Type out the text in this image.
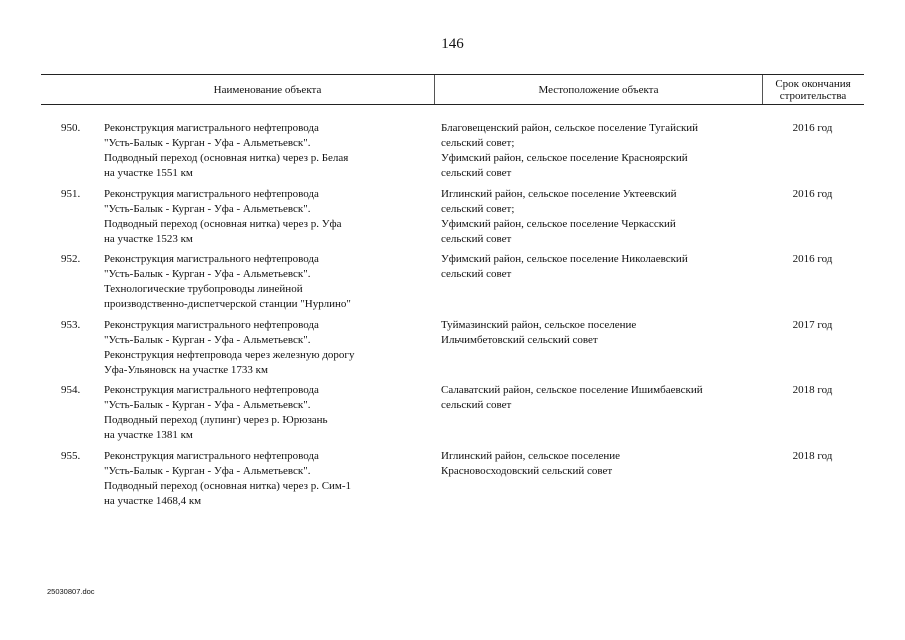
146
Наименование объекта	Местоположение объекта	Срок окончания
строительства
950. Реконструкция магистрального нефтепровода
"Усть-Балык - Курган - Уфа - Альметьевск".
Подводный переход (основная нитка) через р. Белая
на участке 1551 км
Благовещенский район, сельское поселение Тугайский
сельский совет;
Уфимский район, сельское поселение Красноярский
сельский совет
2016 год
951. Реконструкция магистрального нефтепровода
"Усть-Балык - Курган - Уфа - Альметьевск".
Подводный переход (основная нитка) через р. Уфа
на участке 1523 км
Иглинский район, сельское поселение Уктеевский
сельский совет;
Уфимский район, сельское поселение Черкасский
сельский совет
2016 год
952. Реконструкция магистрального нефтепровода
"Усть-Балык - Курган - Уфа - Альметьевск".
Технологические трубопроводы линейной
производственно-диспетчерской станции "Нурлино"
Уфимский район, сельское поселение Николаевский
сельский совет
2016 год
953. Реконструкция магистрального нефтепровода
"Усть-Балык - Курган - Уфа - Альметьевск".
Реконструкция нефтепровода через железную дорогу
Уфа-Ульяновск на участке 1733 км
Туймазинский район, сельское поселение
Ильчимбетовский сельский совет
2017 год
954. Реконструкция магистрального нефтепровода
"Усть-Балык - Курган - Уфа - Альметьевск".
Подводный переход (лупинг) через р. Юрюзань
на участке 1381 км
Салаватский район, сельское поселение Ишимбаевский
сельский совет
2018 год
955. Реконструкция магистрального нефтепровода
"Усть-Балык - Курган - Уфа - Альметьевск".
Подводный переход (основная нитка) через р. Сим-1
на участке 1468,4 км
Иглинский район, сельское поселение
Красновосходовский сельский совет
2018 год
25030807.doc
